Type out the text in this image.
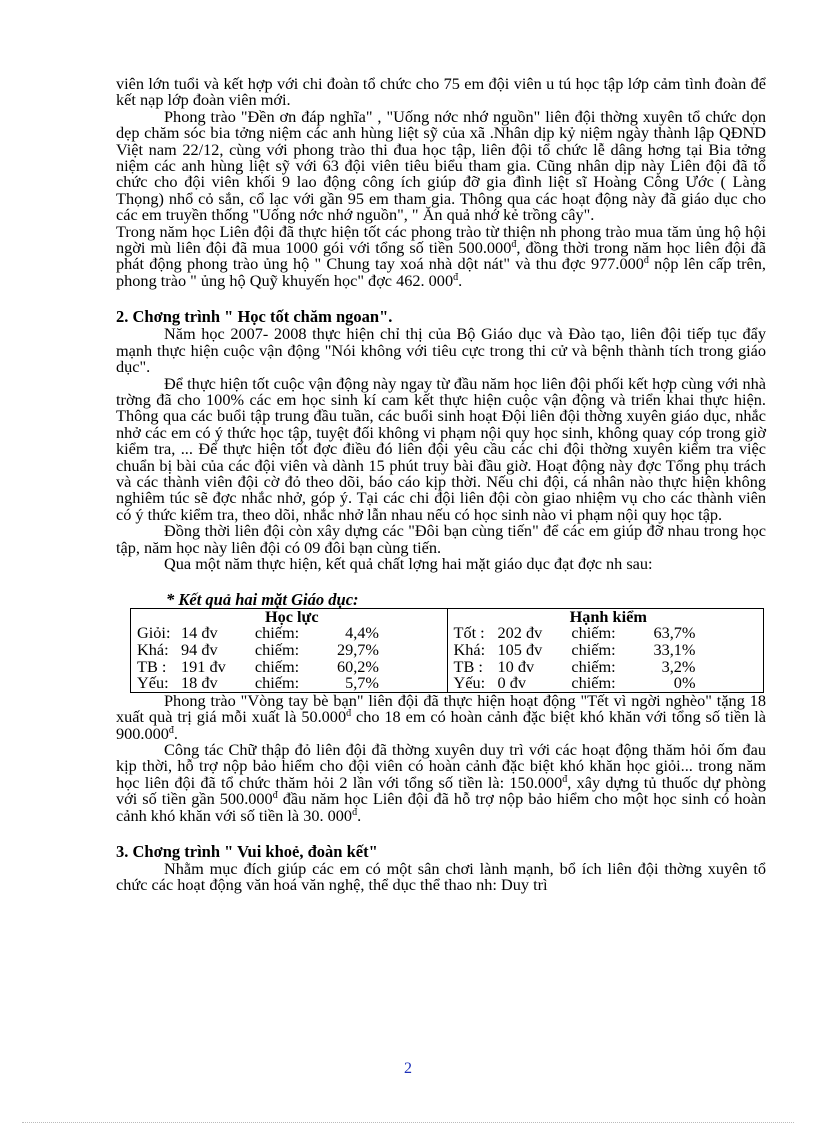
viên lớn tuổi và kết hợp với chi đoàn tổ chức cho 75 em đội viên u tú học tập lớp cảm tình đoàn để kết nạp lớp đoàn viên mới.

Phong trào "Đền ơn đáp nghĩa" , "Uống nớc nhớ nguồn" liên đội thờng xuyên tổ chức dọn dẹp chăm sóc bia tởng niệm các anh hùng liệt sỹ của xã .Nhân dịp kỷ niệm ngày thành lập QĐND Việt nam 22/12, cùng với phong trào thi đua học tập, liên đội tổ chức lễ dâng hơng tại Bia tởng niệm các anh hùng liệt sỹ với 63 đội viên tiêu biểu tham gia. Cũng nhân dịp này Liên đội đã tổ chức cho đội viên khối 9 lao động công ích giúp đỡ gia đình liệt sĩ Hoàng Công Ước ( Làng Thọng) nhổ cỏ sắn, cổ lạc với gần 95 em tham gia. Thông qua các hoạt động này đã giáo dục cho các em truyền thống "Uống nớc nhớ nguồn", " Ăn quả nhớ kẻ trồng cây".

Trong năm học Liên đội đã thực hiện tốt các phong trào từ thiện nh phong trào mua tăm ủng hộ hội ngời mù liên đội đã mua 1000 gói với tổng số tiền $500.000^đ$, đồng thời trong năm học liên đội đã phát động phong trào ủng hộ " Chung tay xoá nhà dột nát" và thu đợc $977.000^đ$ nộp lên cấp trên, phong trào " ủng hộ Quỹ khuyến học" đợc 462. $000^đ$.

2. Chơng trình " Học tốt chăm ngoan".

Năm học 2007- 2008 thực hiện chỉ thị của Bộ Giáo dục và Đào tạo, liên đội tiếp tục đẩy mạnh thực hiện cuộc vận động "Nói không với tiêu cực trong thi cử và bệnh thành tích trong giáo dục".

Để thực hiện tốt cuộc vận động này ngay từ đầu năm học liên đội phối kết hợp cùng với nhà trờng đã cho 100% các em học sinh kí cam kết thực hiện cuộc vận động và triển khai thực hiện. Thông qua các buổi tập trung đầu tuần, các buổi sinh hoạt Đội liên đội thờng xuyên giáo dục, nhắc nhở các em có ý thức học tập, tuyệt đối không vi phạm nội quy học sinh, không quay cóp trong giờ kiểm tra, ... Để thực hiện tốt đợc điều đó liên đội yêu cầu các chi đội thờng xuyên kiểm tra việc chuẩn bị bài của các đội viên và dành 15 phút truy bài đầu giờ. Hoạt động này đợc Tổng phụ trách và các thành viên đội cờ đỏ theo dõi, báo cáo kịp thời. Nếu chi đội, cá nhân nào thực hiện không nghiêm túc sẽ đợc nhắc nhở, góp ý. Tại các chi đội liên đội còn giao nhiệm vụ cho các thành viên có ý thức kiểm tra, theo dõi, nhắc nhở lẫn nhau nếu có học sinh nào vi phạm nội quy học tập.

Đồng thời liên đội còn xây dựng các "Đôi bạn cùng tiến" để các em giúp đỡ nhau trong học tập, năm học này liên đội có 09 đôi bạn cùng tiến.

Qua một năm thực hiện, kết quả chất lợng hai mặt giáo dục đạt đợc nh sau:

* Kết quả hai mặt Giáo dục:
Học lực
Giỏi: 14 đv	chiếm:	4,4%
Khá: 94 đv	chiếm:	29,7%
TB : 191 đv	chiếm:	60,2%
Yếu: 18 đv	chiếm:	5,7%
Hạnh kiểm
Tốt : 202 đv	chiếm:	63,7%
Khá: 105 đv	chiếm:	33,1%
TB : 10 đv	chiếm:	3,2%
Yếu: 0 đv	chiếm:	0%

Phong trào "Vòng tay bè bạn" liên đội đã thực hiện hoạt động "Tết vì ngời nghèo" tặng 18 xuất quà trị giá mỗi xuất là $50.000^đ$ cho 18 em có hoàn cảnh đặc biệt khó khăn với tổng số tiền là $900.000^đ$.

Công tác Chữ thập đỏ liên đội đã thờng xuyên duy trì với các hoạt động thăm hỏi ốm đau kịp thời, hỗ trợ nộp bảo hiểm cho đội viên có hoàn cảnh đặc biệt khó khăn học giỏi... trong năm học liên đội đã tổ chức thăm hỏi 2 lần với tổng số tiền là: $150.000^đ$, xây dựng tủ thuốc dự phòng với số tiền gần $500.000^đ$ đầu năm học Liên đội đã hỗ trợ nộp bảo hiểm cho một học sinh có hoàn cảnh khó khăn với số tiền là 30. $000^đ$.

3. Chơng trình " Vui khoẻ, đoàn kết"

Nhằm mục đích giúp các em có một sân chơi lành mạnh, bổ ích liên đội thờng xuyên tổ chức các hoạt động văn hoá văn nghệ, thể dục thể thao nh: Duy trì

2
